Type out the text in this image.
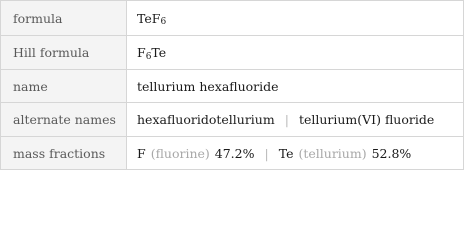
formula	TeF 6
Hill formula	F 6 Te
name	tellurium hexafluoride
alternate names	hexafluoridotellurium | tellurium(VI) fluoride
mass fractions	F (fluorine) 47.2% | Te (tellurium) 52.8%
